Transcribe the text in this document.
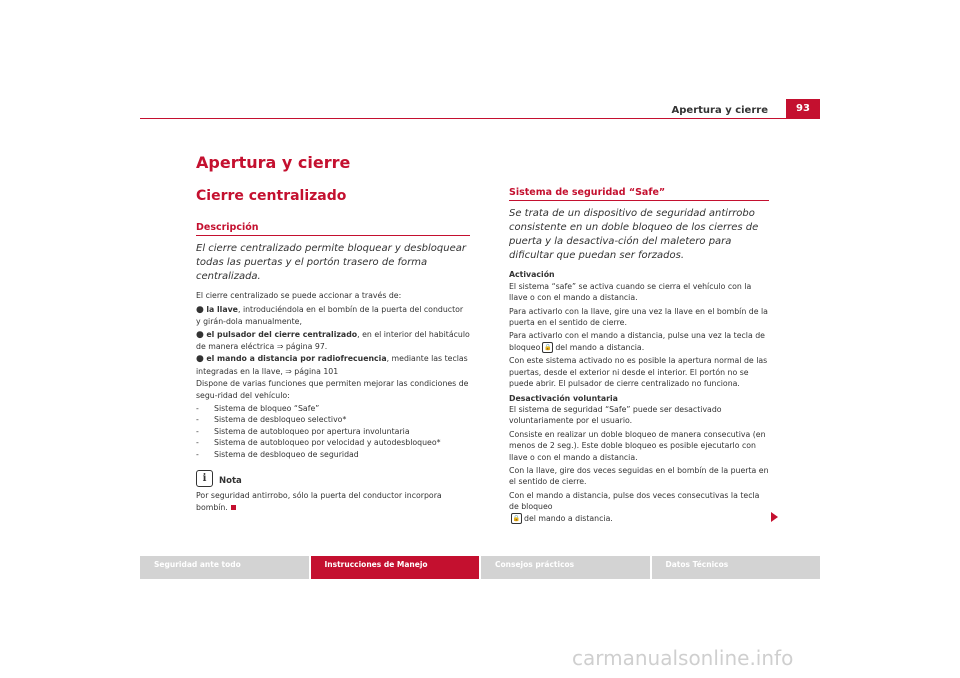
Apertura y cierre	93
Apertura y cierre
Cierre centralizado
Descripción
El cierre centralizado permite bloquear y desbloquear todas las puertas y el portón trasero de forma centralizada.

El cierre centralizado se puede accionar a través de:

● la llave, introduciéndola en el bombín de la puerta del conductor y girán-dola manualmente,

● el pulsador del cierre centralizado, en el interior del habitáculo de manera eléctrica ⇒ página 97.

● el mando a distancia por radiofrecuencia, mediante las teclas integradas en la llave, ⇒ página 101

Dispone de varias funciones que permiten mejorar las condiciones de segu-ridad del vehículo:

-	Sistema de bloqueo “Safe”
-	Sistema de desbloqueo selectivo*
-	Sistema de autobloqueo por apertura involuntaria
-	Sistema de autobloqueo por velocidad y autodesbloqueo*
-	Sistema de desbloqueo de seguridad
i	Nota

Por seguridad antirrobo, sólo la puerta del conductor incorpora bombín.

Sistema de seguridad “Safe”
Se trata de un dispositivo de seguridad antirrobo consistente en un doble bloqueo de los cierres de puerta y la desactiva-ción del maletero para dificultar que puedan ser forzados.
Activación

El sistema “safe” se activa cuando se cierra el vehículo con la llave o con el mando a distancia.

Para activarlo con la llave, gire una vez la llave en el bombín de la puerta en el sentido de cierre.

Para activarlo con el mando a distancia, pulse una vez la tecla de bloqueo 🔒 del mando a distancia.

Con este sistema activado no es posible la apertura normal de las puertas, desde el exterior ni desde el interior. El portón no se puede abrir. El pulsador de cierre centralizado no funciona.

Desactivación voluntaria

El sistema de seguridad “Safe” puede ser desactivado voluntariamente por el usuario.

Consiste en realizar un doble bloqueo de manera consecutiva (en menos de 2 seg.). Este doble bloqueo es posible ejecutarlo con llave o con el mando a distancia.

Con la llave, gire dos veces seguidas en el bombín de la puerta en el sentido de cierre.

Con el mando a distancia, pulse dos veces consecutivas la tecla de bloqueo
🔒 del mando a distancia.

Seguridad ante todo	Instrucciones de Manejo	Consejos prácticos	Datos Técnicos
carmanualsonline.info
